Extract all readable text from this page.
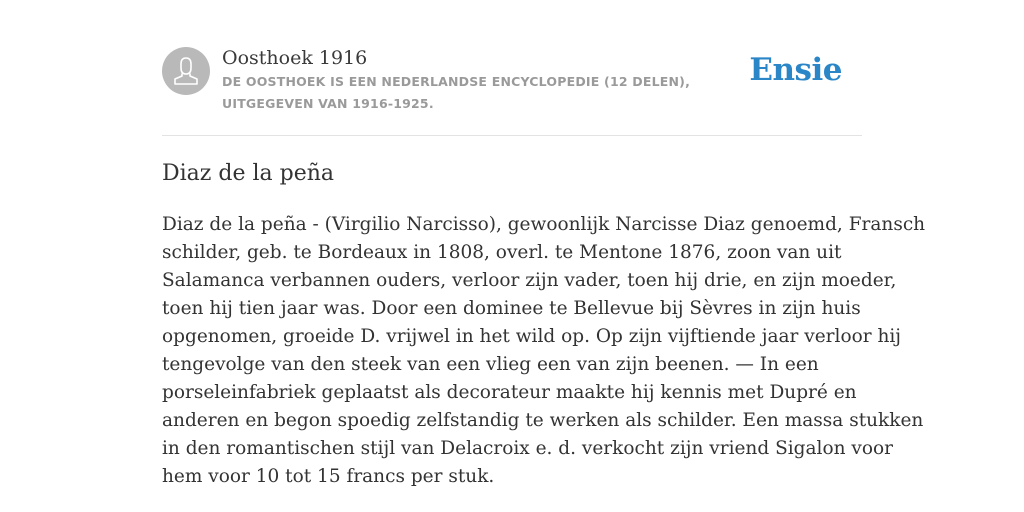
Oosthoek 1916
DE OOSTHOEK IS EEN NEDERLANDSE ENCYCLOPEDIE (12 DELEN), UITGEGEVEN VAN 1916-1925.
Ensie
Diaz de la peña

Diaz de la peña - (Virgilio Narcisso), gewoonlijk Narcisse Diaz genoemd, Fransch
schilder, geb. te Bordeaux in 1808, overl. te Mentone 1876, zoon van uit
Salamanca verbannen ouders, verloor zijn vader, toen hij drie, en zijn moeder,
toen hij tien jaar was. Door een dominee te Bellevue bij Sèvres in zijn huis
opgenomen, groeide D. vrijwel in het wild op. Op zijn vijftiende jaar verloor hij
tengevolge van den steek van een vlieg een van zijn beenen. — In een
porseleinfabriek geplaatst als decorateur maakte hij kennis met Dupré en
anderen en begon spoedig zelfstandig te werken als schilder. Een massa stukken
in den romantischen stijl van Delacroix e. d. verkocht zijn vriend Sigalon voor
hem voor 10 tot 15 francs per stuk.
